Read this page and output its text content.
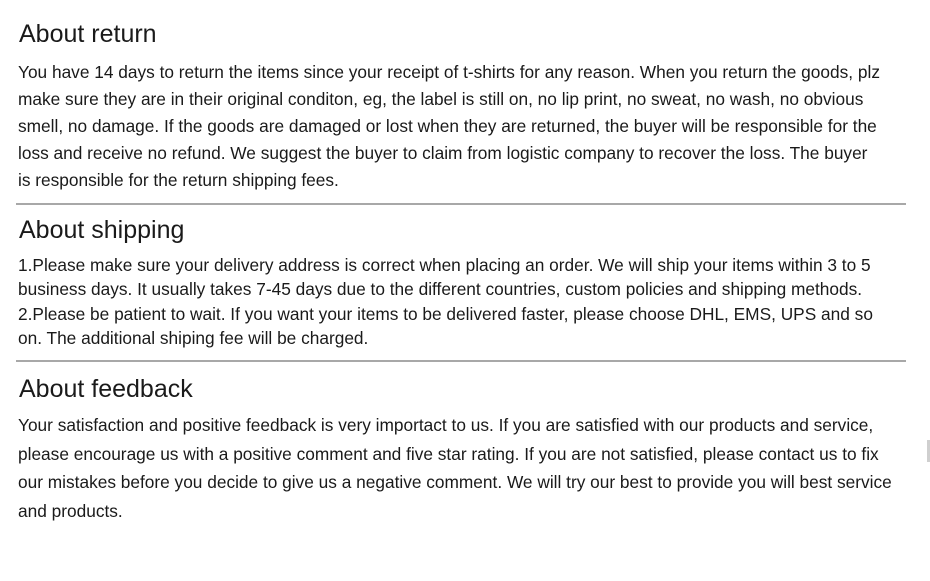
About return

You have 14 days to return the items since your receipt of t-shirts for any reason. When you return the goods, plz
make sure they are in their original conditon, eg, the label is still on, no lip print, no sweat, no wash, no obvious
smell, no damage. If the goods are damaged or lost when they are returned, the buyer will be responsible for the
loss and receive no refund. We suggest the buyer to claim from logistic company to recover the loss. The buyer
is responsible for the return shipping fees.

About shipping

1.Please make sure your delivery address is correct when placing an order. We will ship your items within 3 to 5
business days. It usually takes 7-45 days due to the different countries, custom policies and shipping methods.
2.Please be patient to wait. If you want your items to be delivered faster, please choose DHL, EMS, UPS and so
on. The additional shiping fee will be charged.

About feedback

Your satisfaction and positive feedback is very importact to us. If you are satisfied with our products and service,
please encourage us with a positive comment and five star rating. If you are not satisfied, please contact us to fix
our mistakes before you decide to give us a negative comment. We will try our best to provide you will best service
and products.
